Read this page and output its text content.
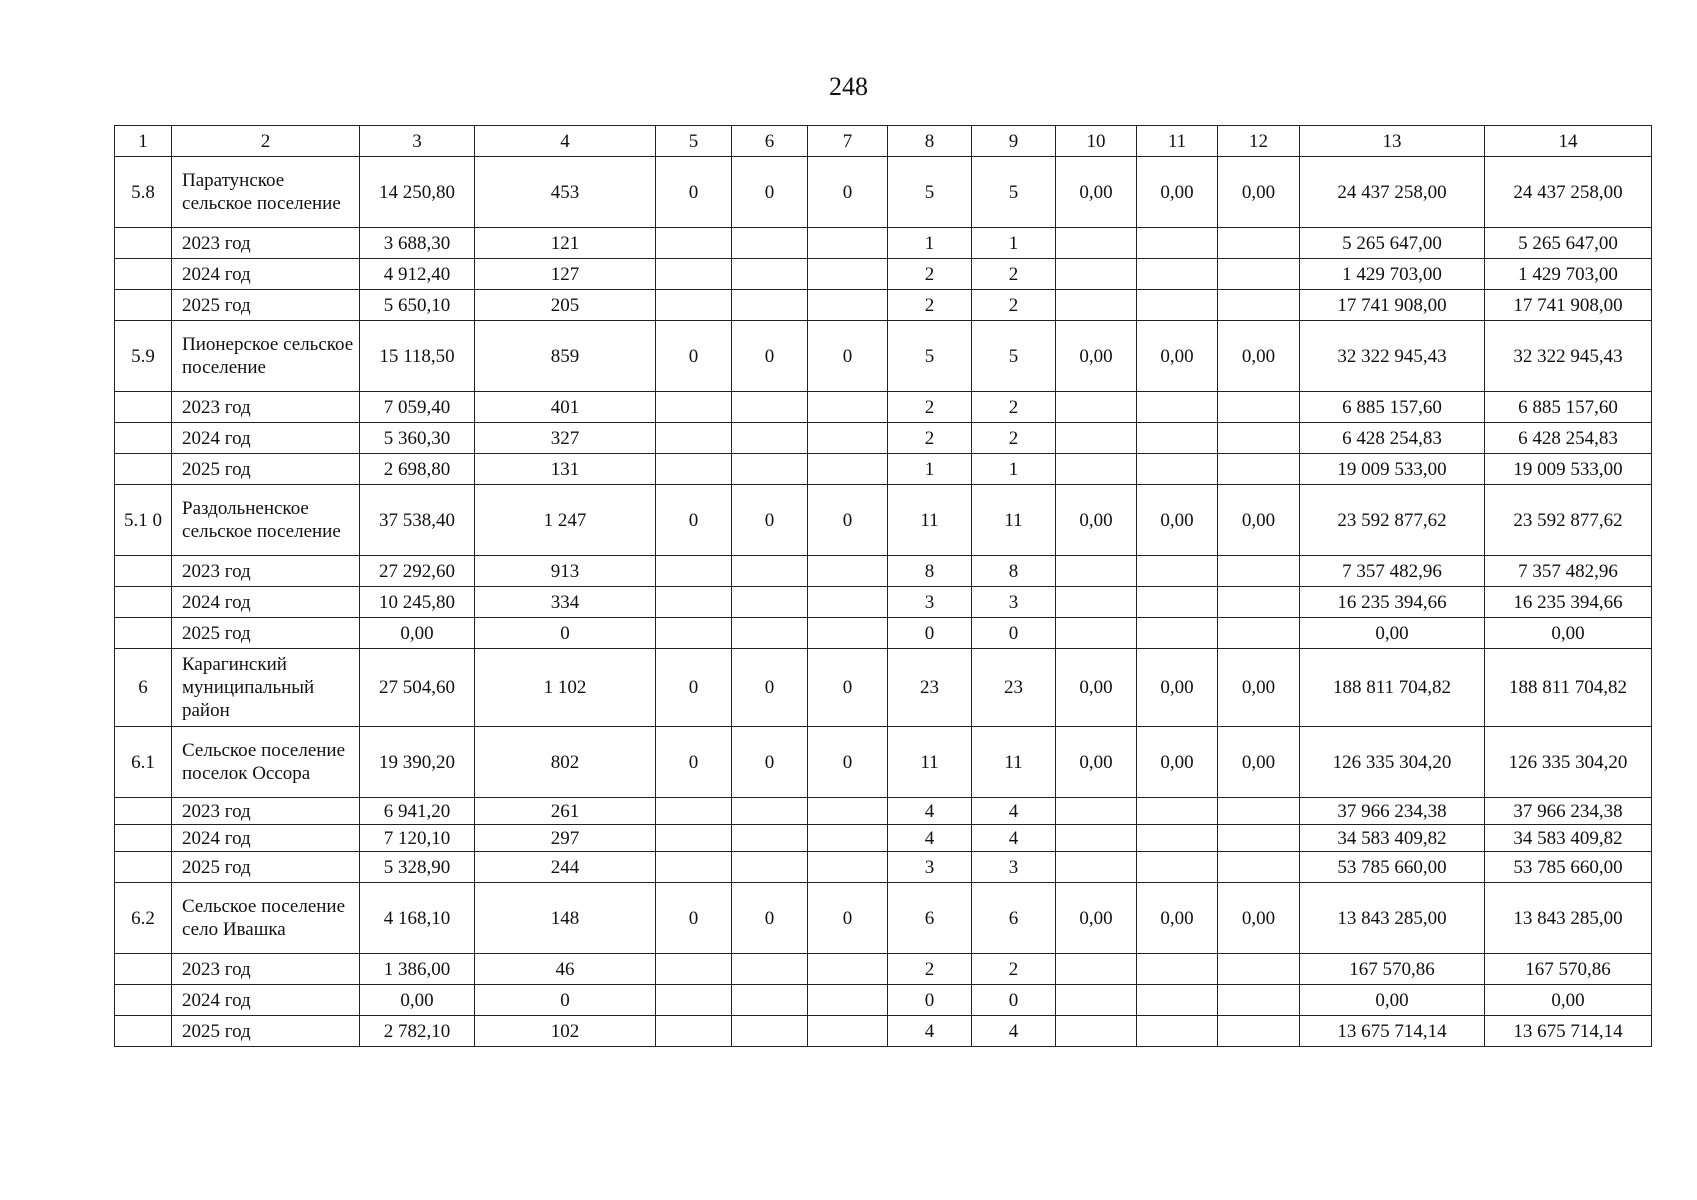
248
1	2	3	4	5	6	7	8	9	10	11	12	13	14
5.8	Паратунское сельское поселение	14 250,80	453	0	0	0	5	5	0,00	0,00	0,00	24 437 258,00	24 437 258,00
	2023 год	3 688,30	121				1	1				5 265 647,00	5 265 647,00
	2024 год	4 912,40	127				2	2				1 429 703,00	1 429 703,00
	2025 год	5 650,10	205				2	2				17 741 908,00	17 741 908,00
5.9	Пионерское сельское поселение	15 118,50	859	0	0	0	5	5	0,00	0,00	0,00	32 322 945,43	32 322 945,43
	2023 год	7 059,40	401				2	2				6 885 157,60	6 885 157,60
	2024 год	5 360,30	327				2	2				6 428 254,83	6 428 254,83
	2025 год	2 698,80	131				1	1				19 009 533,00	19 009 533,00
5.1 0	Раздольненское сельское поселение	37 538,40	1 247	0	0	0	11	11	0,00	0,00	0,00	23 592 877,62	23 592 877,62
	2023 год	27 292,60	913				8	8				7 357 482,96	7 357 482,96
	2024 год	10 245,80	334				3	3				16 235 394,66	16 235 394,66
	2025 год	0,00	0				0	0				0,00	0,00
6	Карагинский муниципальный район	27 504,60	1 102	0	0	0	23	23	0,00	0,00	0,00	188 811 704,82	188 811 704,82
6.1	Сельское поселение поселок Оссора	19 390,20	802	0	0	0	11	11	0,00	0,00	0,00	126 335 304,20	126 335 304,20
	2023 год	6 941,20	261				4	4				37 966 234,38	37 966 234,38
	2024 год	7 120,10	297				4	4				34 583 409,82	34 583 409,82
	2025 год	5 328,90	244				3	3				53 785 660,00	53 785 660,00
6.2	Сельское поселение село Ивашка	4 168,10	148	0	0	0	6	6	0,00	0,00	0,00	13 843 285,00	13 843 285,00
	2023 год	1 386,00	46				2	2				167 570,86	167 570,86
	2024 год	0,00	0				0	0				0,00	0,00
	2025 год	2 782,10	102				4	4				13 675 714,14	13 675 714,14
